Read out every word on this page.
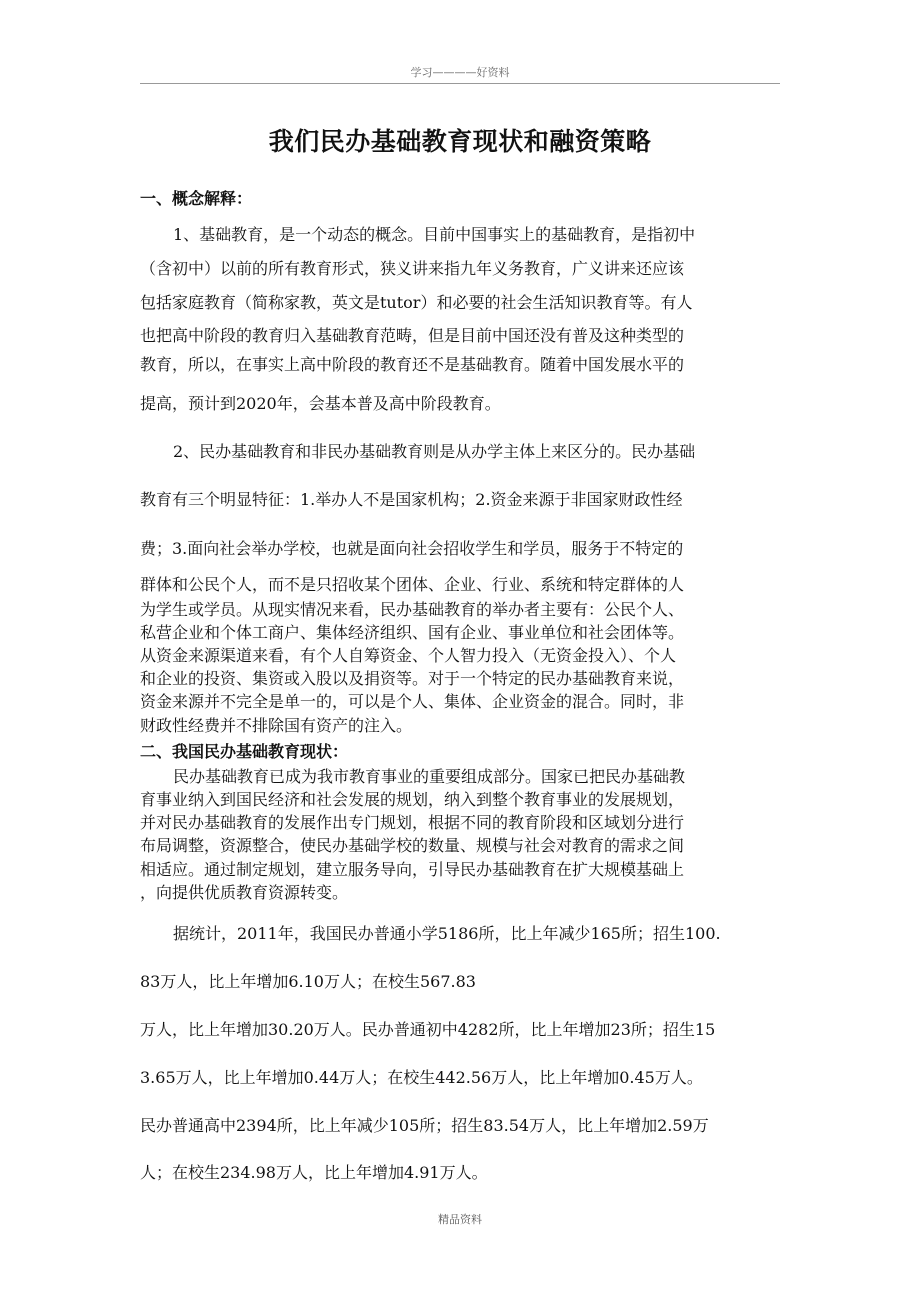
学习————好资料
我们民办基础教育现状和融资策略
一、概念解释：
1、基础教育，是一个动态的概念。目前中国事实上的基础教育，是指初中
（含初中）以前的所有教育形式，狭义讲来指九年义务教育，广义讲来还应该
包括家庭教育（简称家教，英文是tutor）和必要的社会生活知识教育等。有人
也把高中阶段的教育归入基础教育范畴，但是目前中国还没有普及这种类型的
教育，所以，在事实上高中阶段的教育还不是基础教育。随着中国发展水平的
提高，预计到2020年，会基本普及高中阶段教育。
2、民办基础教育和非民办基础教育则是从办学主体上来区分的。民办基础
教育有三个明显特征：1.举办人不是国家机构；2.资金来源于非国家财政性经
费；3.面向社会举办学校，也就是面向社会招收学生和学员，服务于不特定的
群体和公民个人，而不是只招收某个团体、企业、行业、系统和特定群体的人
为学生或学员。从现实情况来看，民办基础教育的举办者主要有：公民个人、
私营企业和个体工商户、集体经济组织、国有企业、事业单位和社会团体等。
从资金来源渠道来看，有个人自筹资金、个人智力投入（无资金投入）、个人
和企业的投资、集资或入股以及捐资等。对于一个特定的民办基础教育来说，
资金来源并不完全是单一的，可以是个人、集体、企业资金的混合。同时，非
财政性经费并不排除国有资产的注入。
二、我国民办基础教育现状：
民办基础教育已成为我市教育事业的重要组成部分。国家已把民办基础教
育事业纳入到国民经济和社会发展的规划，纳入到整个教育事业的发展规划，
并对民办基础教育的发展作出专门规划，根据不同的教育阶段和区域划分进行
布局调整，资源整合，使民办基础学校的数量、规模与社会对教育的需求之间
相适应。通过制定规划，建立服务导向，引导民办基础教育在扩大规模基础上
，向提供优质教育资源转变。
据统计，2011年，我国民办普通小学5186所，比上年减少165所；招生100.
83万人，比上年增加6.10万人；在校生567.83
万人，比上年增加30.20万人。民办普通初中4282所，比上年增加23所；招生15
3.65万人，比上年增加0.44万人；在校生442.56万人，比上年增加0.45万人。
民办普通高中2394所，比上年减少105所；招生83.54万人，比上年增加2.59万
人；在校生234.98万人，比上年增加4.91万人。
精品资料
